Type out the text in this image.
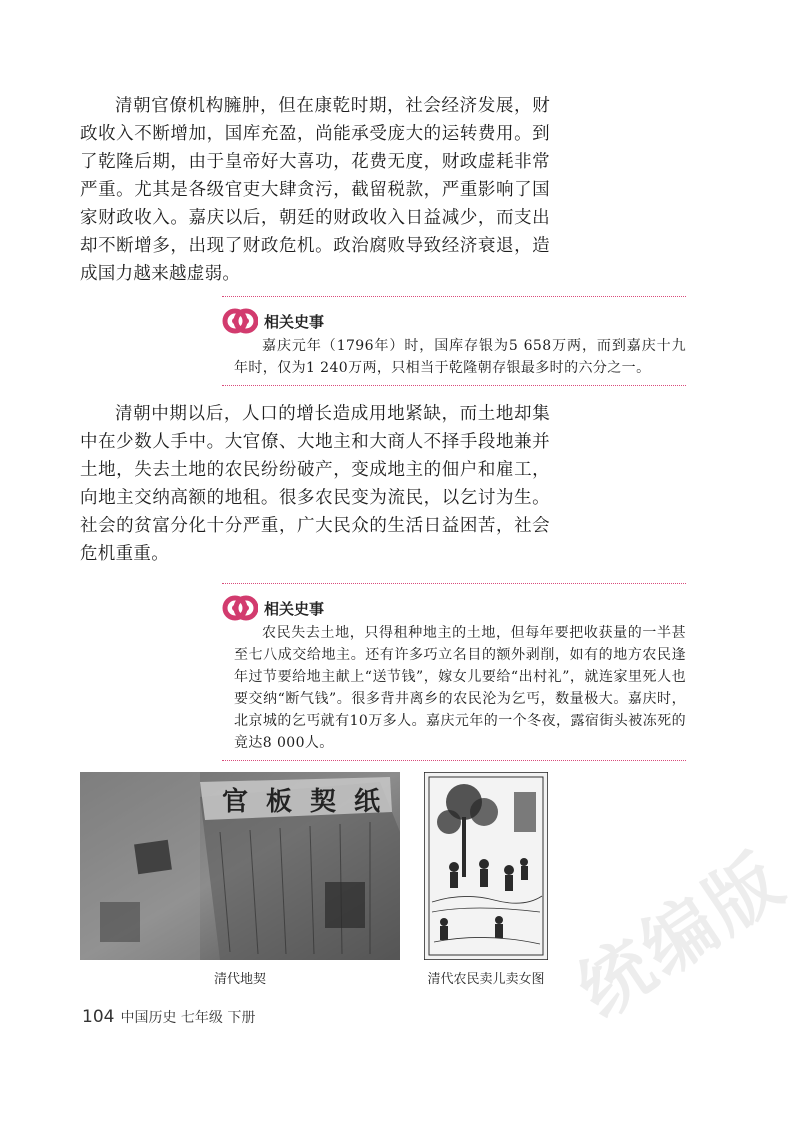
清朝官僚机构臃肿，但在康乾时期，社会经济发展，财政收入不断增加，国库充盈，尚能承受庞大的运转费用。到了乾隆后期，由于皇帝好大喜功，花费无度，财政虚耗非常严重。尤其是各级官吏大肆贪污，截留税款，严重影响了国家财政收入。嘉庆以后，朝廷的财政收入日益减少，而支出却不断增多，出现了财政危机。政治腐败导致经济衰退，造成国力越来越虚弱。

相关史事

嘉庆元年（1796年）时，国库存银为5 658万两，而到嘉庆十九年时，仅为1 240万两，只相当于乾隆朝存银最多时的六分之一。

清朝中期以后，人口的增长造成用地紧缺，而土地却集中在少数人手中。大官僚、大地主和大商人不择手段地兼并土地，失去土地的农民纷纷破产，变成地主的佃户和雇工，向地主交纳高额的地租。很多农民变为流民，以乞讨为生。社会的贫富分化十分严重，广大民众的生活日益困苦，社会危机重重。

相关史事

农民失去土地，只得租种地主的土地，但每年要把收获量的一半甚至七八成交给地主。还有许多巧立名目的额外剥削，如有的地方农民逢年过节要给地主献上“送节钱”，嫁女儿要给“出村礼”，就连家里死人也要交纳“断气钱”。很多背井离乡的农民沦为乞丐，数量极大。嘉庆时，北京城的乞丐就有10万多人。嘉庆元年的一个冬夜，露宿街头被冻死的竟达8 000人。

官板契纸
清代地契	清代农民卖儿卖女图
104 中国历史 七年级 下册	统编版
